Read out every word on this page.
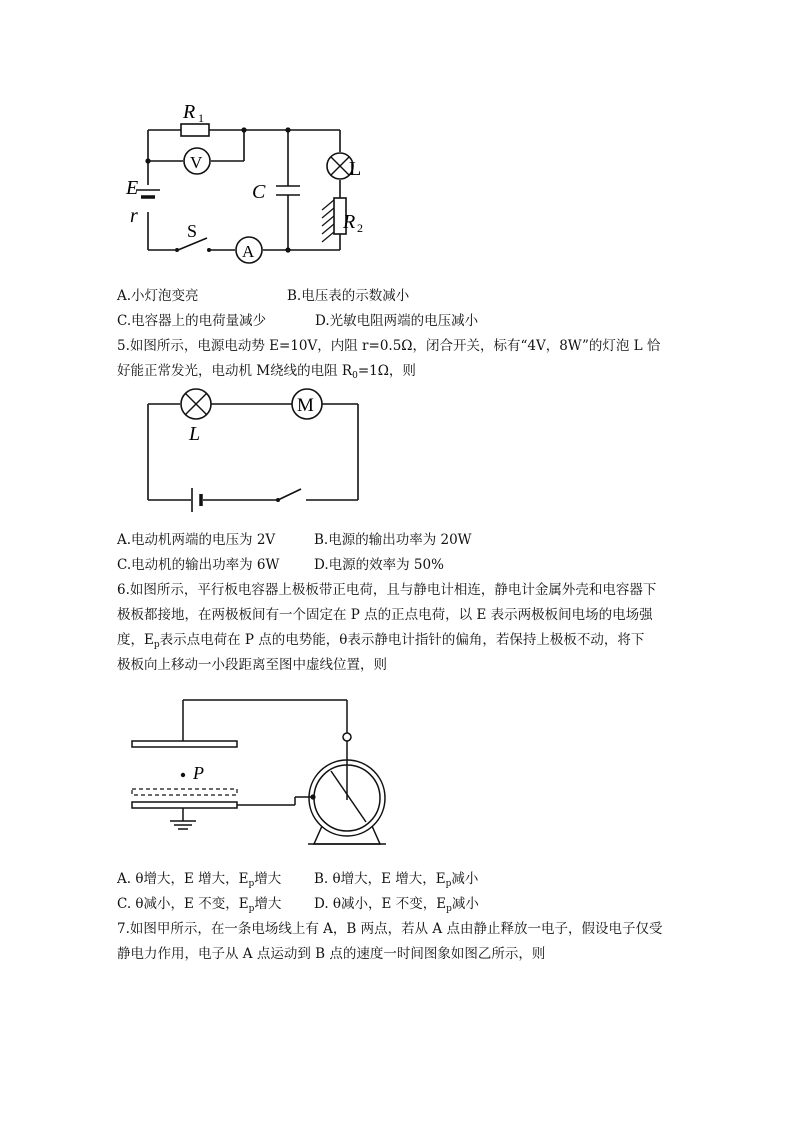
R 1
V
E
r
S
A
C
L
R 2
A.小灯泡变亮	B.电压表的示数减小
C.电容器上的电荷量减少	D.光敏电阻两端的电压减小
5.如图所示，电源电动势 E=10V，内阻 r=0.5Ω，闭合开关，标有“4V，8W”的灯泡 L 恰
好能正常发光，电动机 M绕线的电阻 $R_0=1\Omega$，则
M
L
A.电动机两端的电压为 2V	B.电源的输出功率为 20W
C.电动机的输出功率为 6W	D.电源的效率为 50%
6.如图所示，平行板电容器上极板带正电荷，且与静电计相连，静电计金属外壳和电容器下
极板都接地，在两极板间有一个固定在 P 点的正点电荷，以 E 表示两极板间电场的电场强
度，$E_p$表示点电荷在 P 点的电势能，θ表示静电计指针的偏角，若保持上极板不动，将下
极板向上移动一小段距离至图中虚线位置，则
P
A. θ增大，E 增大，$E_p$增大 B. θ增大，E 增大，$E_p$减小
C. θ减小，E 不变，$E_p$增大 D. θ减小，E 不变，$E_p$减小
7.如图甲所示，在一条电场线上有 A，B 两点，若从 A 点由静止释放一电子，假设电子仅受
静电力作用，电子从 A 点运动到 B 点的速度一时间图象如图乙所示，则
